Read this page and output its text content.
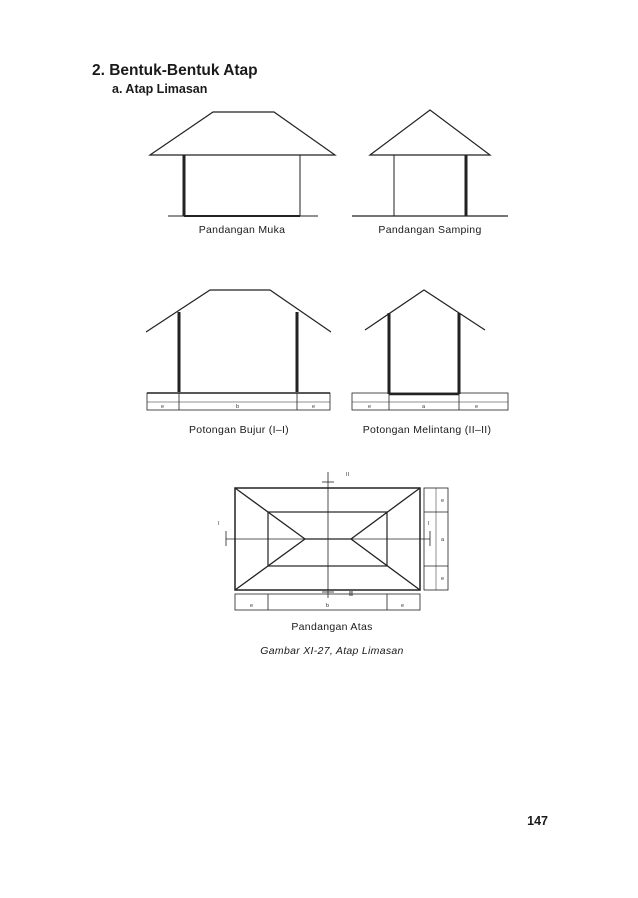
2. Bentuk-Bentuk Atap
a. Atap Limasan
e	b	e	e	a	e
e	b	e
e
a
e
II
II
I	I
Pandangan Muka	Pandangan Samping
Potongan Bujur (I–I)	Potongan Melintang (II–II)
Pandangan Atas
Gambar XI-27, Atap Limasan
147
